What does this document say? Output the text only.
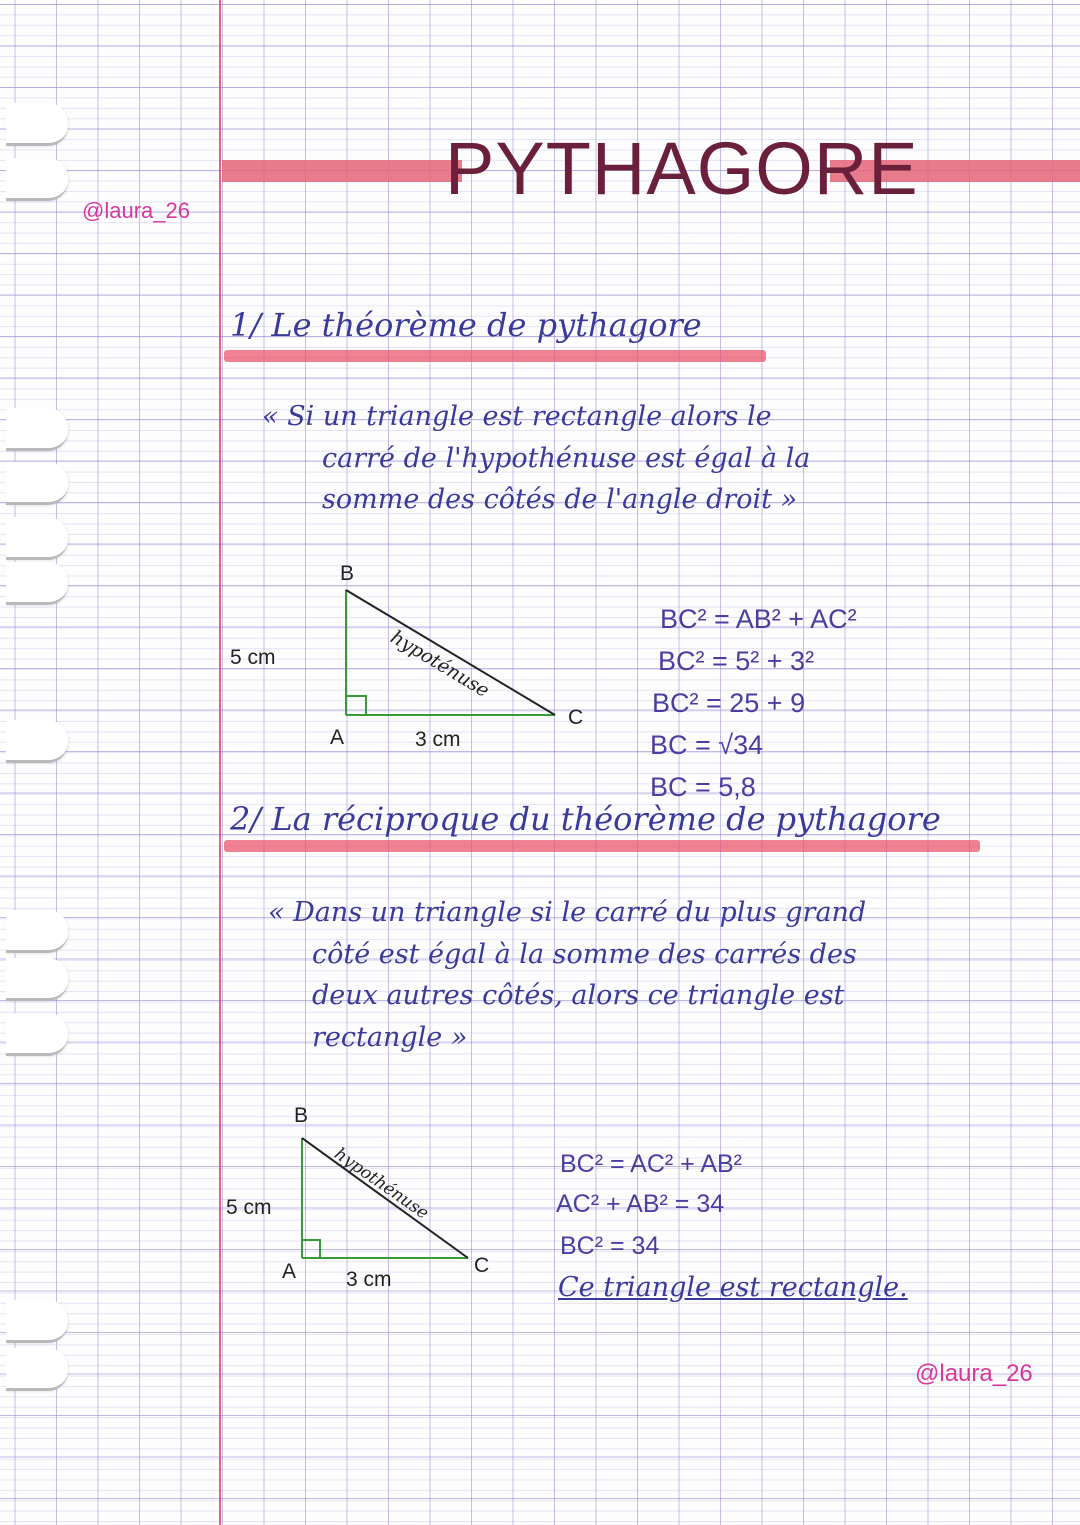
@laura_26
PYTHAGORE
1/ Le théorème de pythagore
« Si un triangle est rectangle alors le
carré de l'hypothénuse est égal à la
somme des côtés de l'angle droit »
B
A
C
5 cm
3 cm
hypoténuse
BC² = AB² + AC²
BC² = 5² + 3²
BC² = 25 + 9
BC = √34
BC = 5,8
2/ La réciproque du théorème de pythagore
« Dans un triangle si le carré du plus grand
côté est égal à la somme des carrés des
deux autres côtés, alors ce triangle est
rectangle »
B
A	C
5 cm
3 cm
hypothénuse	BC² = AC² + AB²
AC² + AB² = 34
BC² = 34
Ce triangle est rectangle.
@laura_26
